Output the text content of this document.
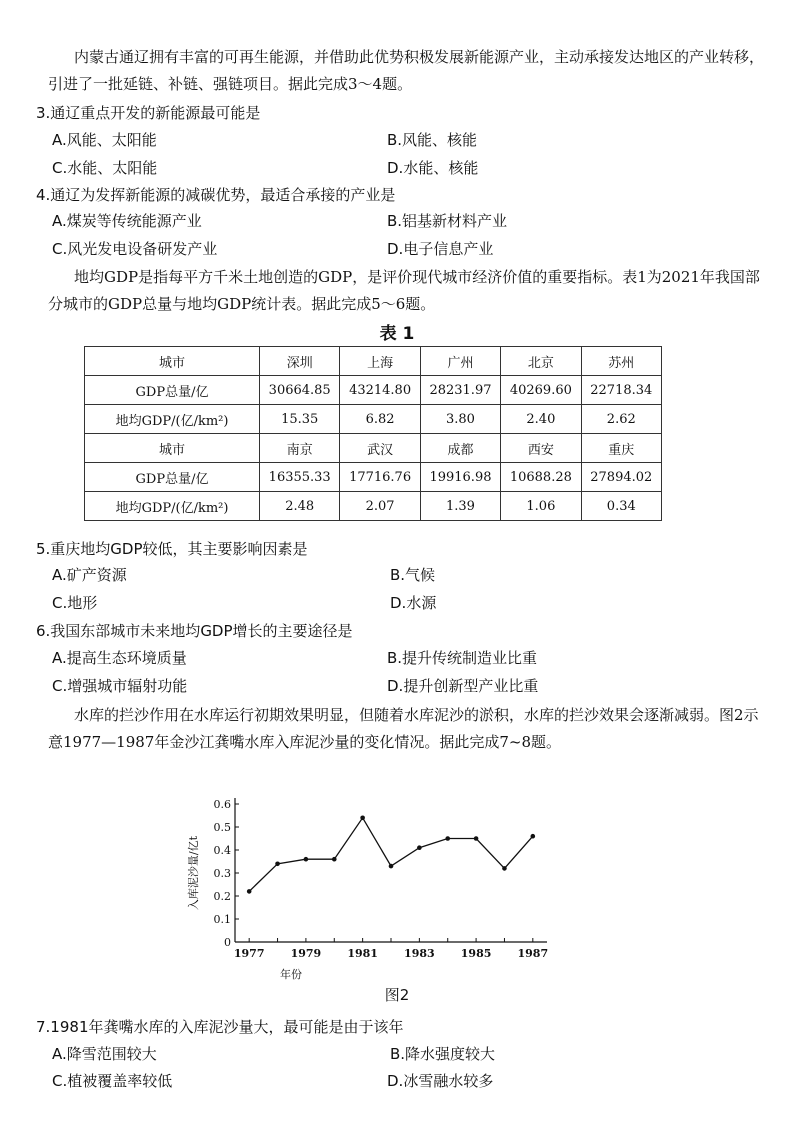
内蒙古通辽拥有丰富的可再生能源，并借助此优势积极发展新能源产业，主动承接发达地区的产业转移，引进了一批延链、补链、强链项目。据此完成3～4题。

3.通辽重点开发的新能源最可能是
A.风能、太阳能	B.风能、核能
C.水能、太阳能	D.水能、核能
4.通辽为发挥新能源的减碳优势，最适合承接的产业是
A.煤炭等传统能源产业	B.铝基新材料产业
C.风光发电设备研发产业	D.电子信息产业

地均GDP是指每平方千米土地创造的GDP，是评价现代城市经济价值的重要指标。表1为2021年我国部分城市的GDP总量与地均GDP统计表。据此完成5～6题。

表 1
城市	深圳	上海	广州	北京	苏州
GDP总量/亿	30664.85	43214.80	28231.97	40269.60	22718.34
地均GDP/(亿/km²)	15.35	6.82	3.80	2.40	2.62
城市	南京	武汉	成都	西安	重庆
GDP总量/亿	16355.33	17716.76	19916.98	10688.28	27894.02
地均GDP/(亿/km²)	2.48	2.07	1.39	1.06	0.34
5.重庆地均GDP较低，其主要影响因素是
A.矿产资源	B.气候
C.地形	D.水源
6.我国东部城市未来地均GDP增长的主要途径是
A.提高生态环境质量	B.提升传统制造业比重
C.增强城市辐射功能	D.提升创新型产业比重

水库的拦沙作用在水库运行初期效果明显，但随着水库泥沙的淤积，水库的拦沙效果会逐渐减弱。图2示意1977—1987年金沙江龚嘴水库入库泥沙量的变化情况。据此完成7~8题。

0
0.1
0.2
0.3
0.4
0.5
0.6
1977 1979 1981 1983 1985 1987
年份
入库泥沙量/亿t
图2
7.1981年龚嘴水库的入库泥沙量大，最可能是由于该年
A.降雪范围较大	B.降水强度较大
C.植被覆盖率较低	D.冰雪融水较多
